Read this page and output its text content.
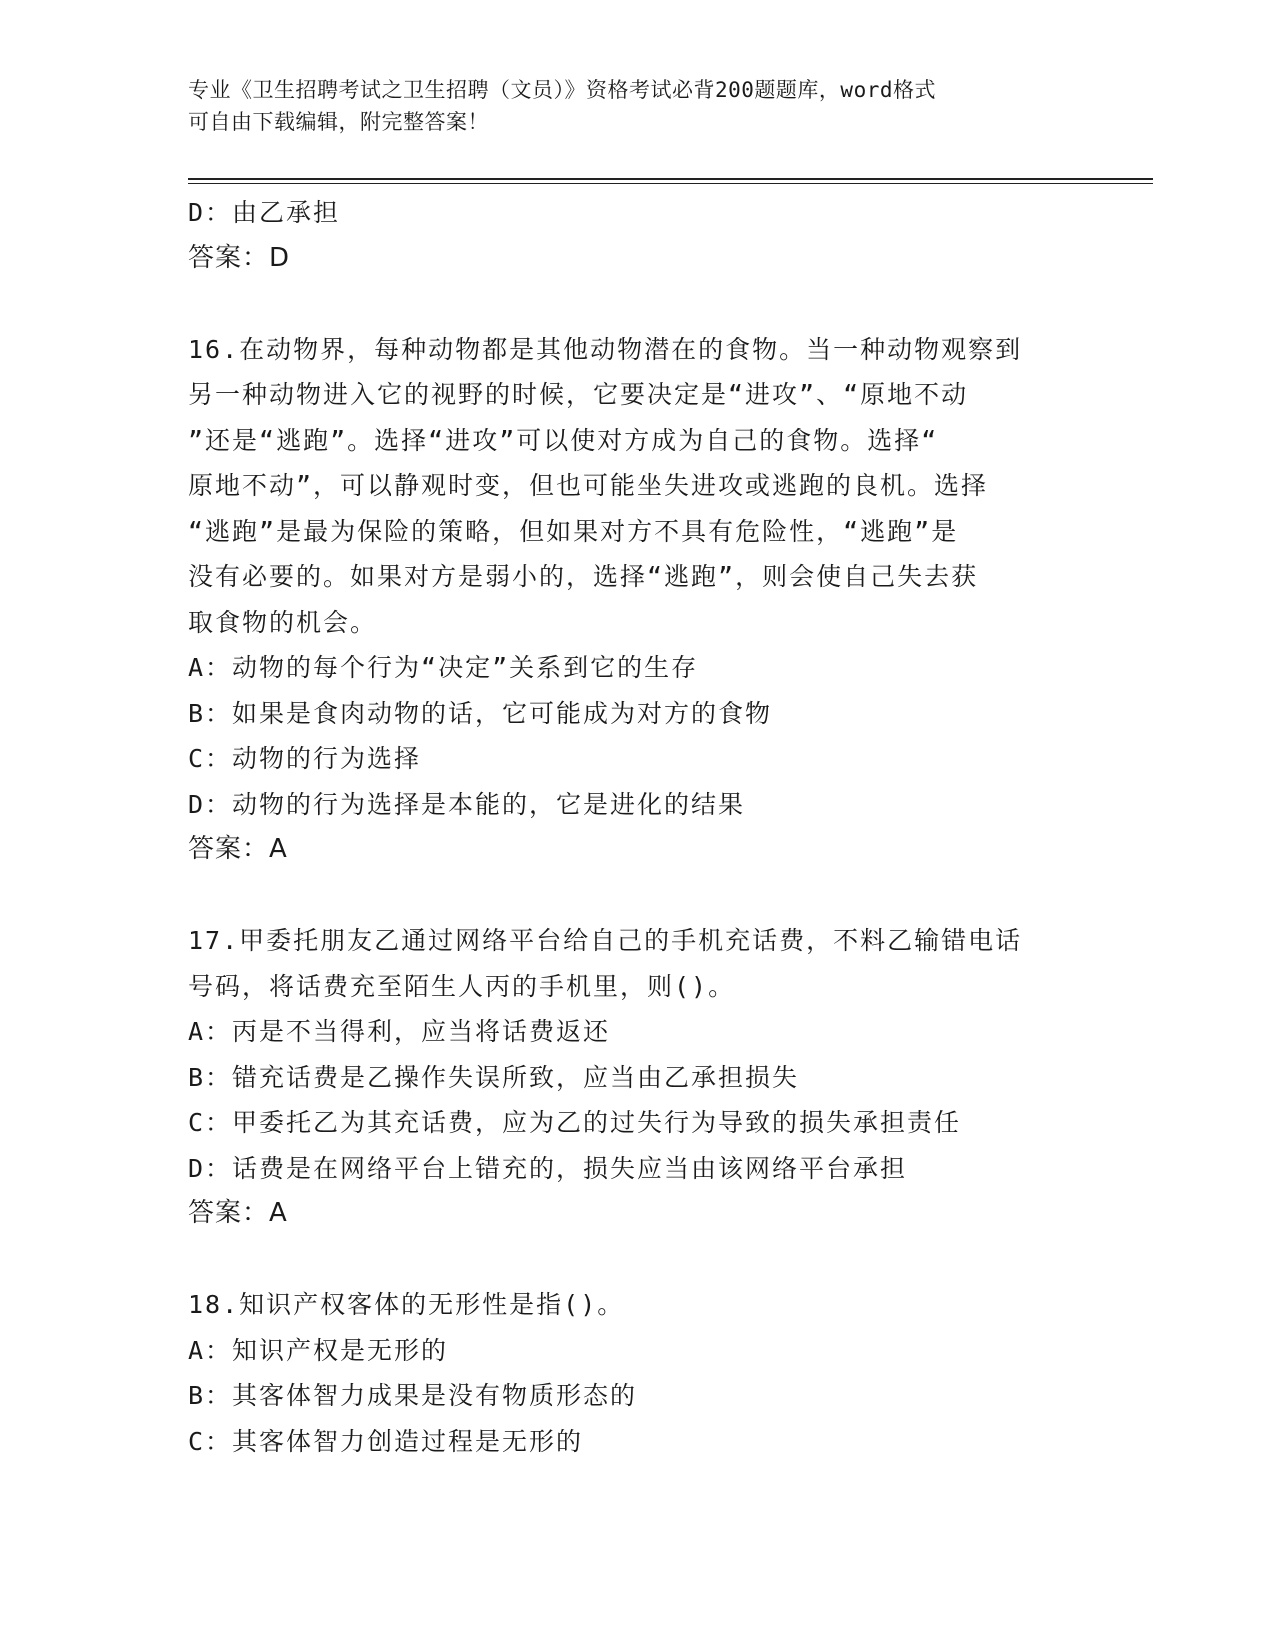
专业《卫生招聘考试之卫生招聘（文员）》资格考试必背200题题库，word格式
可自由下载编辑，附完整答案！
D：由乙承担
答案：D
16.在动物界，每种动物都是其他动物潜在的食物。当一种动物观察到
另一种动物进入它的视野的时候，它要决定是“进攻”、“原地不动
”还是“逃跑”。选择“进攻”可以使对方成为自己的食物。选择“
原地不动”，可以静观时变，但也可能坐失进攻或逃跑的良机。选择
“逃跑”是最为保险的策略，但如果对方不具有危险性，“逃跑”是
没有必要的。如果对方是弱小的，选择“逃跑”，则会使自己失去获
取食物的机会。
A：动物的每个行为“决定”关系到它的生存
B：如果是食肉动物的话，它可能成为对方的食物
C：动物的行为选择
D：动物的行为选择是本能的，它是进化的结果
答案：A
17.甲委托朋友乙通过网络平台给自己的手机充话费，不料乙输错电话
号码，将话费充至陌生人丙的手机里，则()。
A：丙是不当得利，应当将话费返还
B：错充话费是乙操作失误所致，应当由乙承担损失
C：甲委托乙为其充话费，应为乙的过失行为导致的损失承担责任
D：话费是在网络平台上错充的，损失应当由该网络平台承担
答案：A
18.知识产权客体的无形性是指()。
A：知识产权是无形的
B：其客体智力成果是没有物质形态的
C：其客体智力创造过程是无形的
